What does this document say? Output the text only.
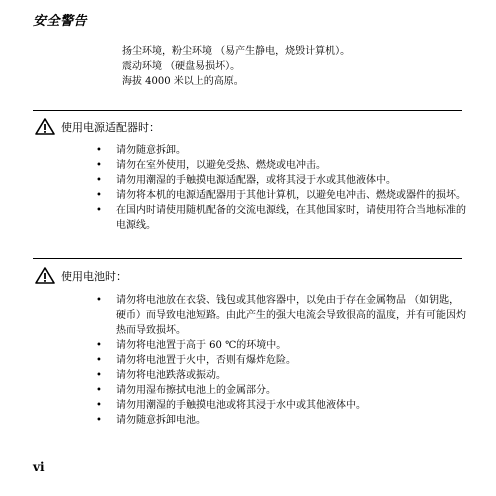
安全警告
扬尘环境，粉尘环境 （易产生静电，烧毁计算机）。
震动环境 （硬盘易损坏）。
海拔 4000 米以上的高原。
使用电源适配器时：
• 请勿随意拆卸。
• 请勿在室外使用，以避免受热、燃烧或电冲击。
• 请勿用潮湿的手触摸电源适配器，或将其浸于水或其他液体中。
• 请勿将本机的电源适配器用于其他计算机，以避免电冲击、燃烧或器件的损坏。
• 在国内时请使用随机配备的交流电源线，在其他国家时，请使用符合当地标准的电源线。
使用电池时：
• 请勿将电池放在衣袋、钱包或其他容器中，以免由于存在金属物品 （如钥匙，硬币）而导致电池短路。由此产生的强大电流会导致很高的温度，并有可能因灼热而导致损坏。
• 请勿将电池置于高于 60 ℃的环境中。
• 请勿将电池置于火中，否则有爆炸危险。
• 请勿将电池跌落或振动。
• 请勿用湿布擦拭电池上的金属部分。
• 请勿用潮湿的手触摸电池或将其浸于水中或其他液体中。
• 请勿随意拆卸电池。
vi
